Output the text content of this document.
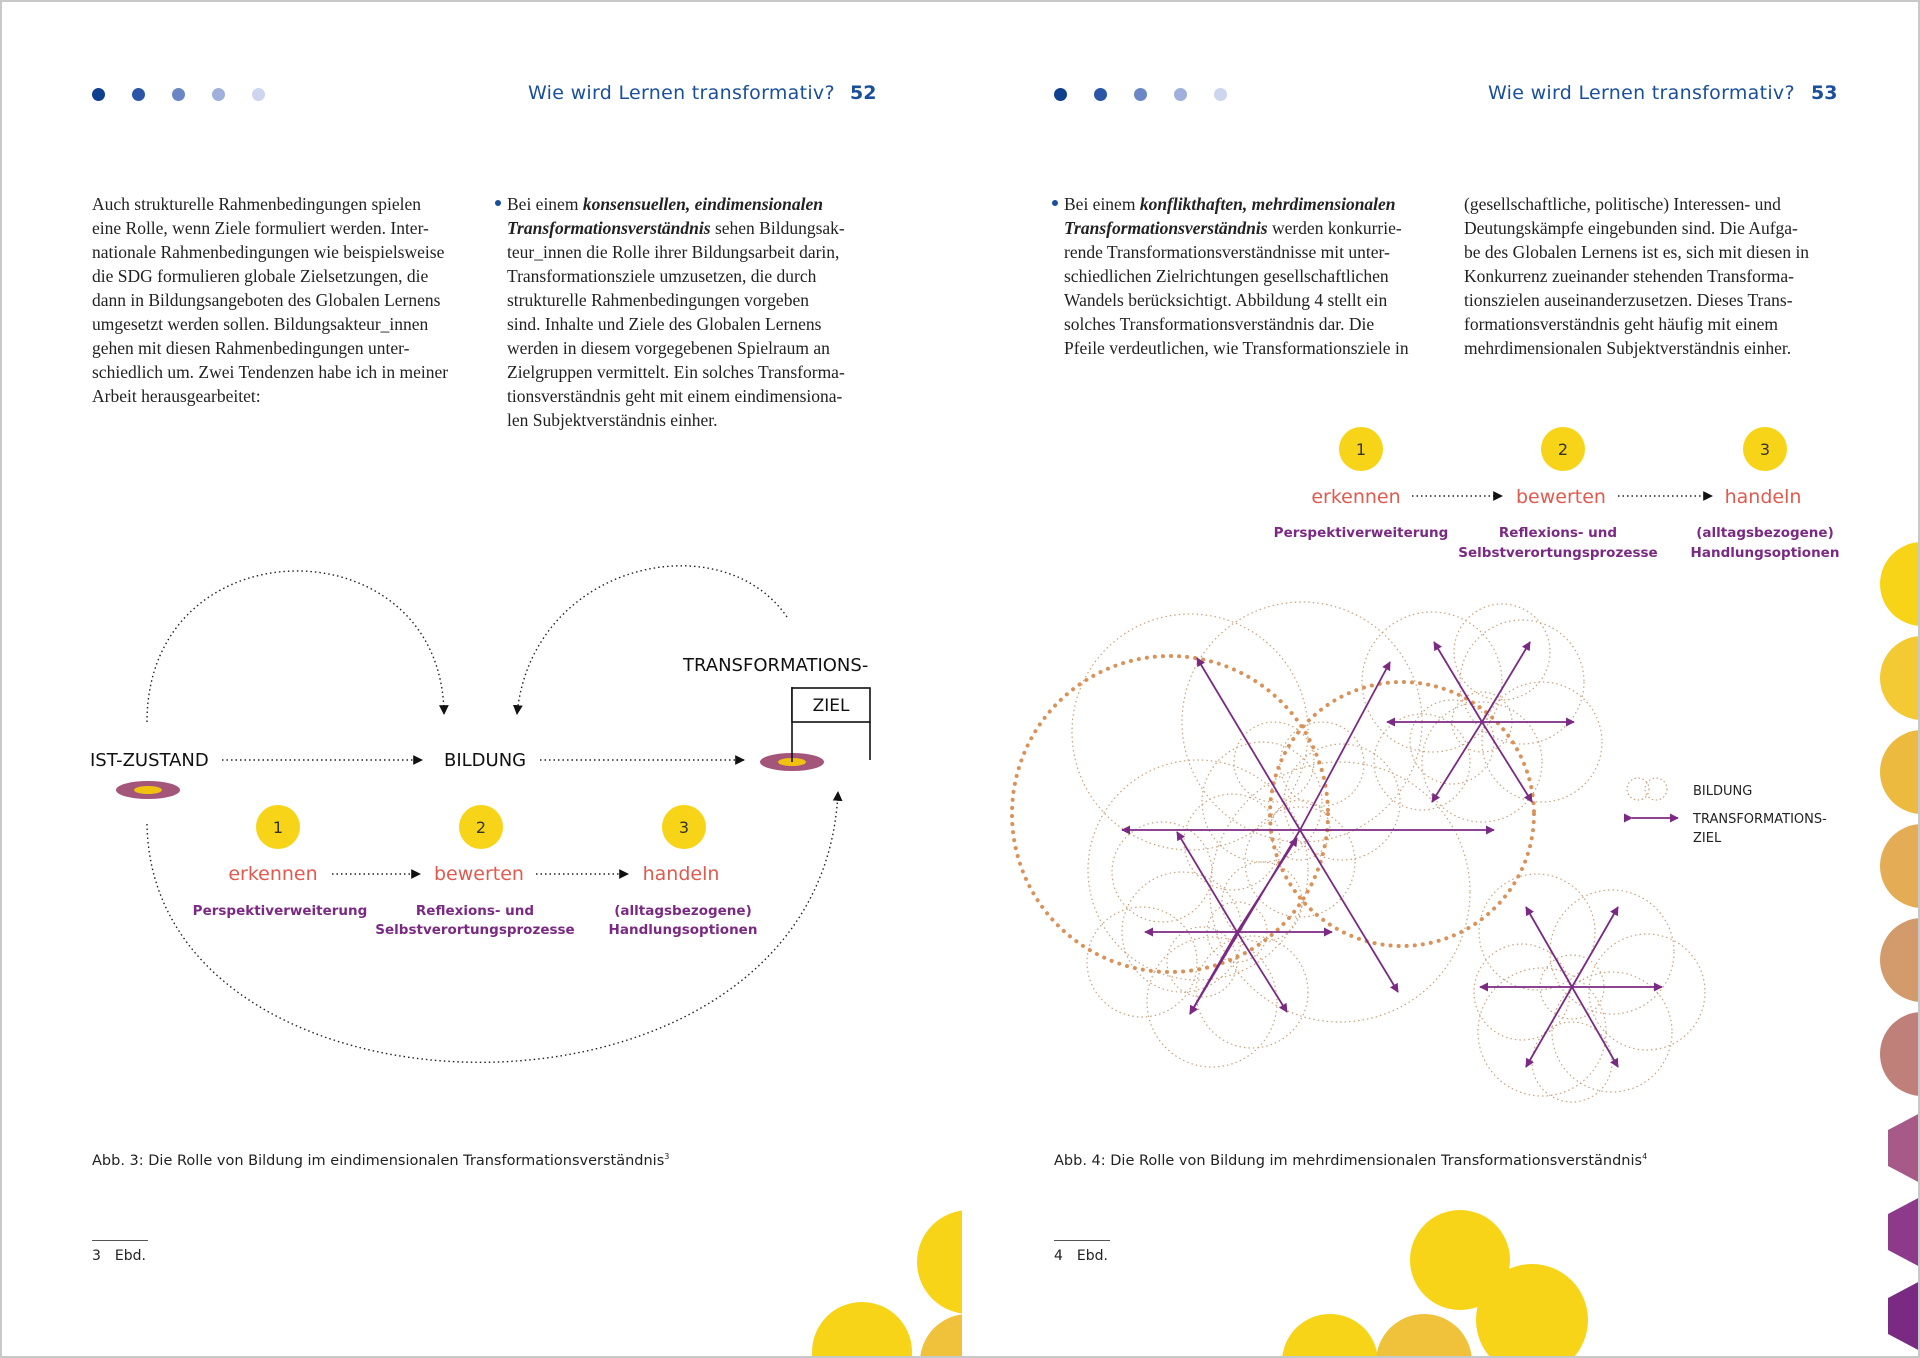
Wie wird Lernen transformativ? 52
Auch strukturelle Rahmenbedingungen spielen
eine Rolle, wenn Ziele formuliert werden. Inter-
nationale Rahmenbedingungen wie beispielsweise
die SDG formulieren globale Zielsetzungen, die
dann in Bildungsangeboten des Globalen Lernens
umgesetzt werden sollen. Bildungsakteur_innen
gehen mit diesen Rahmenbedingungen unter-
schiedlich um. Zwei Tendenzen habe ich in meiner
Arbeit herausgearbeitet:
Bei einem konsensuellen, eindimensionalen
Transformationsverständnis sehen Bildungsak-
teur_innen die Rolle ihrer Bildungsarbeit darin,
Transformationsziele umzusetzen, die durch
strukturelle Rahmenbedingungen vorgeben
sind. Inhalte und Ziele des Globalen Lernens
werden in diesem vorgegebenen Spielraum an
Zielgruppen vermittelt. Ein solches Transforma-
tionsverständnis geht mit einem eindimensiona-
len Subjektverständnis einher.
IST-ZUSTAND	BILDUNG
TRANSFORMATIONS-
ZIEL
1
erkennen
Perspektiverweiterung
2
bewerten
Reflexions- und
Selbstverortungsprozesse
3
handeln
(alltagsbezogene)
Handlungsoptionen
Abb. 3: Die Rolle von Bildung im eindimensionalen Transformationsverständnis$^3$
3 Ebd.
Wie wird Lernen transformativ? 53
Bei einem konflikthaften, mehrdimensionalen
Transformationsverständnis werden konkurrie-
rende Transformationsverständnisse mit unter-
schiedlichen Zielrichtungen gesellschaftlichen
Wandels berücksichtigt. Abbildung 4 stellt ein
solches Transformationsverständnis dar. Die
Pfeile verdeutlichen, wie Transformationsziele in
(gesellschaftliche, politische) Interessen- und
Deutungskämpfe eingebunden sind. Die Aufga-
be des Globalen Lernens ist es, sich mit diesen in
Konkurrenz zueinander stehenden Transforma-
tionszielen auseinanderzusetzen. Dieses Trans-
formationsverständnis geht häufig mit einem
mehrdimensionalen Subjektverständnis einher.
1
erkennen
Perspektiverweiterung
2
bewerten
Reflexions- und
Selbstverortungsprozesse
3
handeln
(alltagsbezogene)
Handlungsoptionen
BILDUNG
TRANSFORMATIONS-
ZIEL
Abb. 4: Die Rolle von Bildung im mehrdimensionalen Transformationsverständnis$^4$
4 Ebd.
